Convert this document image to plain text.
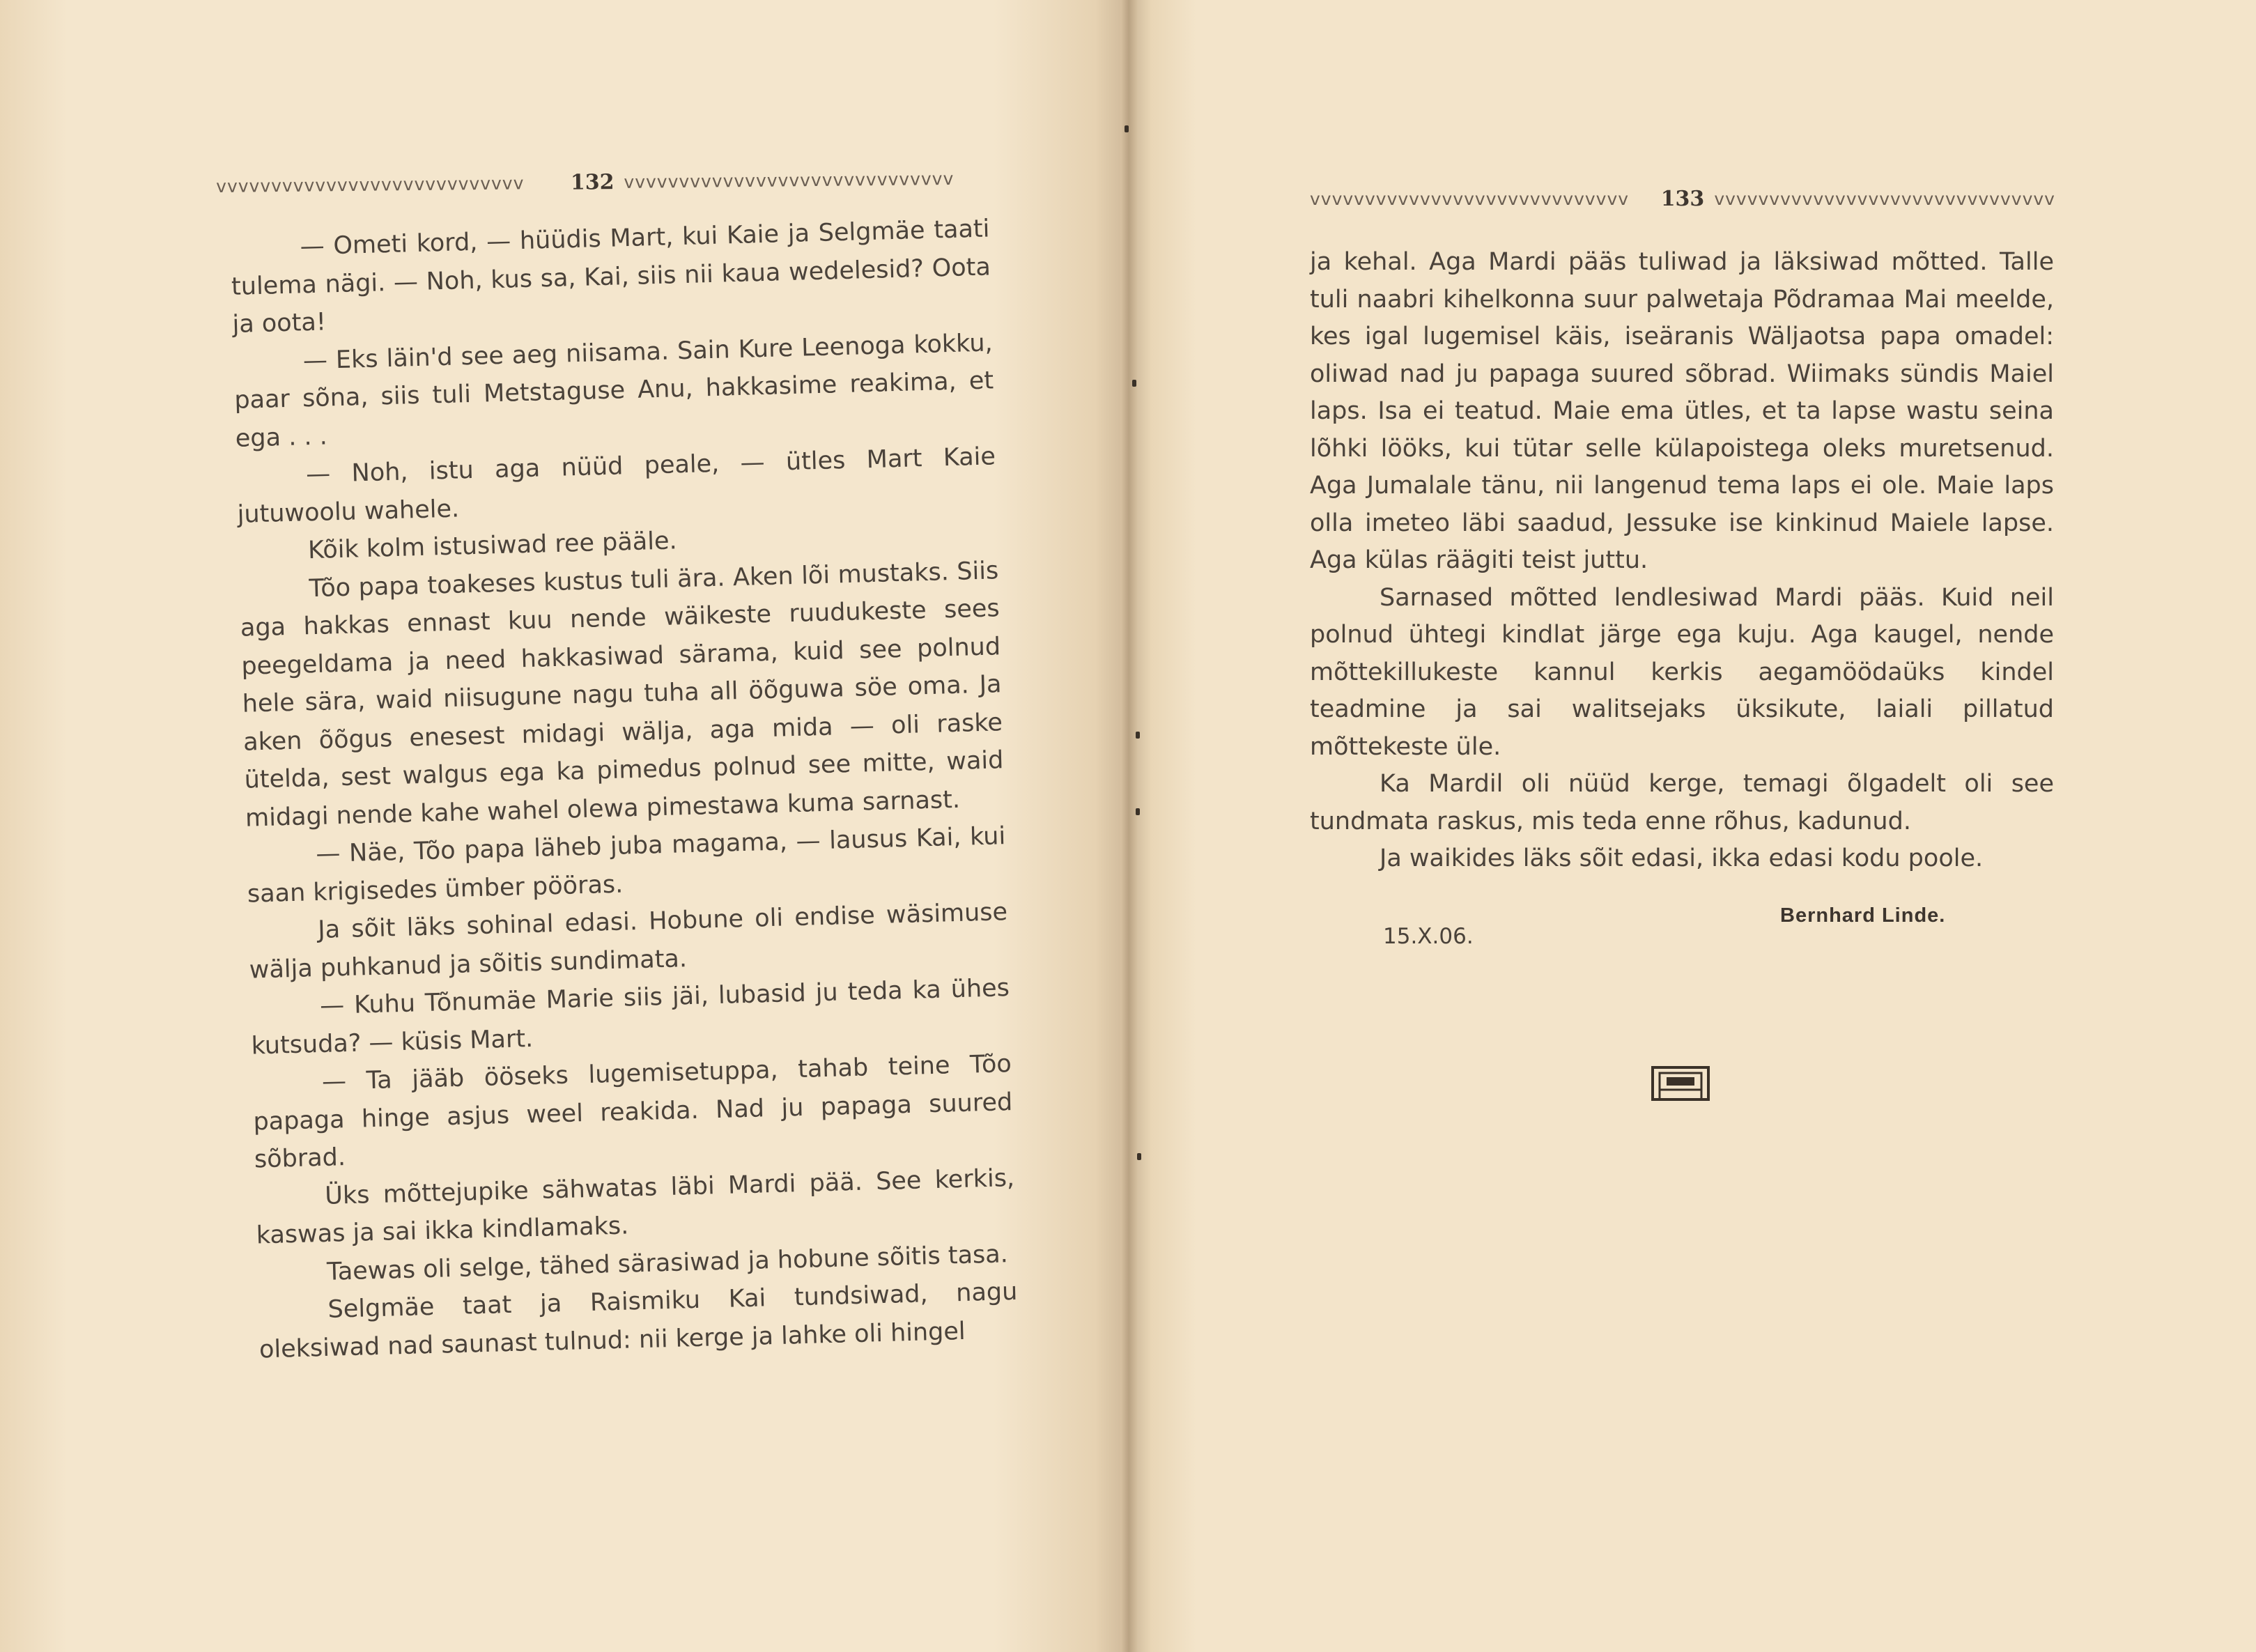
vvvvvvvvvvvvvvvvvvvvvvvvvvvv	132 vvvvvvvvvvvvvvvvvvvvvvvvvvvvvv

— Ometi kord, — hüüdis Mart, kui Kaie ja Selgmäe taati tulema nägi. — Noh, kus sa, Kai, siis nii kaua wedelesid? Oota ja oota!

— Eks läin'd see aeg niisama. Sain Kure Leenoga kokku, paar sõna, siis tuli Metstaguse Anu, hakkasime reakima, et ega . . .

— Noh, istu aga nüüd peale, — ütles Mart Kaie jutuwoolu wahele.

Kõik kolm istusiwad ree pääle.

Tõo papa toakeses kustus tuli ära. Aken lõi mustaks. Siis aga hakkas ennast kuu nende wäikeste ruudukeste sees peegeldama ja need hakkasiwad särama, kuid see polnud hele sära, waid niisugune nagu tuha all öõguwa söe oma. Ja aken õõgus enesest midagi wälja, aga mida — oli raske ütelda, sest walgus ega ka pimedus polnud see mitte, waid midagi nende kahe wahel olewa pimestawa kuma sarnast.

— Näe, Tõo papa läheb juba magama, — lausus Kai, kui saan krigisedes ümber pööras.

Ja sõit läks sohinal edasi. Hobune oli endise wäsimuse wälja puhkanud ja sõitis sundimata.

— Kuhu Tõnumäe Marie siis jäi, lubasid ju teda ka ühes kutsuda? — küsis Mart.

— Ta jääb ööseks lugemisetuppa, tahab teine Tõo papaga hinge asjus weel reakida. Nad ju papaga suured sõbrad.

Üks mõttejupike sähwatas läbi Mardi pää. See kerkis, kaswas ja sai ikka kindlamaks.

Taewas oli selge, tähed särasiwad ja hobune sõitis tasa.

Selgmäe taat ja Raismiku Kai tundsiwad, nagu oleksiwad nad saunast tulnud: nii kerge ja lahke oli hingel

vvvvvvvvvvvvvvvvvvvvvvvvvvvvv	133 vvvvvvvvvvvvvvvvvvvvvvvvvvvvvvv

ja kehal. Aga Mardi pääs tuliwad ja läksiwad mõtted. Talle tuli naabri kihelkonna suur palwetaja Põdramaa Mai meelde, kes igal lugemisel käis, iseäranis Wäljaotsa papa omadel: oliwad nad ju papaga suured sõbrad. Wiimaks sündis Maiel laps. Isa ei teatud. Maie ema ütles, et ta lapse wastu seina lõhki lööks, kui tütar selle külapoistega oleks muretsenud. Aga Jumalale tänu, nii langenud tema laps ei ole. Maie laps olla imeteo läbi saadud, Jessuke ise kinkinud Maiele lapse. Aga külas räägiti teist juttu.

Sarnased mõtted lendlesiwad Mardi pääs. Kuid neil polnud ühtegi kindlat järge ega kuju. Aga kaugel, nende mõttekillukeste kannul kerkis aegamöödaüks kindel teadmine ja sai walitsejaks üksikute, laiali pillatud mõttekeste üle.

Ka Mardil oli nüüd kerge, temagi õlgadelt oli see tundmata raskus, mis teda enne rõhus, kadunud.

Ja waikides läks sõit edasi, ikka edasi kodu poole.

Bernhard Linde.
15.X.06.
